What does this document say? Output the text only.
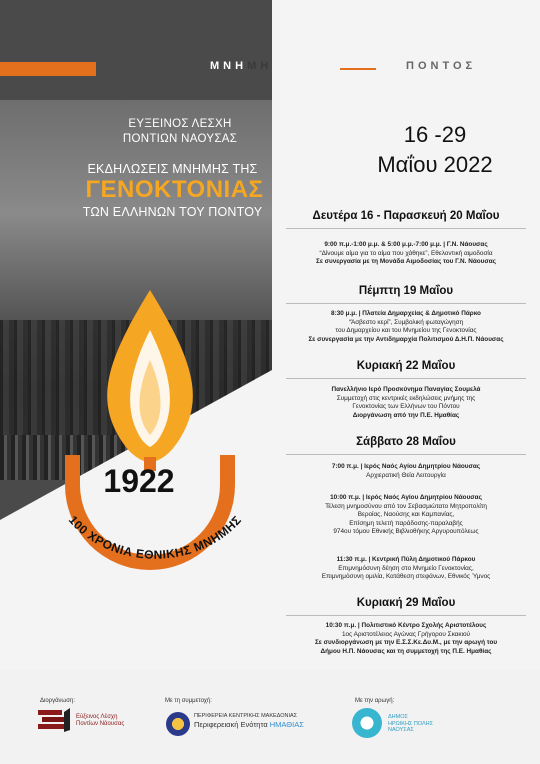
ΕΥΞΕΙΝΟΣ ΛΕΣΧΗ
ΠΟΝΤΙΩΝ ΝΑΟΥΣΑΣ
ΕΚΔΗΛΩΣΕΙΣ ΜΝΗΜΗΣ ΤΗΣ
ΓΕΝΟΚΤΟΝΙΑΣ
ΤΩΝ ΕΛΛΗΝΩΝ ΤΟΥ ΠΟΝΤΟΥ
1922
100 ΧΡΟΝΙΑ ΕΘΝΙΚΗΣ ΜΝΗΜΗΣ
ΜΝΗΜΗ	ΠΟΝΤΟΣ
16 -29
Μαΐου 2022
Δευτέρα 16 - Παρασκευή 20 Μαΐου
9:00 π.μ.-1:00 μ.μ. & 5:00 μ.μ.-7:00 μ.μ. | Γ.Ν. Νάουσας
“Δίνουμε αίμα για το αίμα που χάθηκε”, Εθελοντική αιμοδοσία
Σε συνεργασία με τη Μονάδα Αιμοδοσίας του Γ.Ν. Νάουσας
Πέμπτη 19 Μαΐου
8:30 μ.μ. | Πλατεία Δημαρχείας & Δημοτικό Πάρκο
“Άσβεστο κερί”, Συμβολική φωταγώγηση
του Δημαρχείου και του Μνημείου της Γενοκτονίας
Σε συνεργασία με την Αντιδημαρχία Πολιτισμού Δ.Η.Π. Νάουσας
Κυριακή 22 Μαΐου
Πανελλήνιο Ιερό Προσκύνημα Παναγίας Σουμελά
Συμμετοχή στις κεντρικές εκδηλώσεις μνήμης της
Γενοκτονίας των Ελλήνων του Πόντου
Διοργάνωση από την Π.Ε. Ημαθίας
Σάββατο 28 Μαΐου
7:00 π.μ. | Ιερός Ναός Αγίου Δημητρίου Νάουσας
Αρχιερατική Θεία Λειτουργία
10:00 π.μ. | Ιερός Ναός Αγίου Δημητρίου Νάουσας
Τέλεση μνημοσύνου από τον Σεβασμιώτατο Μητροπολίτη
Βεροίας, Ναούσης και Καμπανίας,
Επίσημη τελετή παράδοσης-παραλαβής
974ου τόμου Εθνικής Βιβλιοθήκης Αργυρουπόλεως
11:30 π.μ. | Κεντρική Πύλη Δημοτικού Πάρκου
Επιμνημόσυνη δέηση στο Μνημείο Γενοκτονίας,
Επιμνημόσυνη ομιλία, Κατάθεση στεφάνων, Εθνικός Ύμνος
Κυριακή 29 Μαΐου
10:30 π.μ. | Πολιτιστικό Κέντρο Σχολής Αριστοτέλους
1ος Αριστοτέλειος Αγώνας Γρήγορου Σκακιού
Σε συνδιοργάνωση με την Ε.Σ.Σ.Κε.Δυ.Μ., με την αρωγή του
Δήμου Η.Π. Νάουσας και τη συμμετοχή της Π.Ε. Ημαθίας
Διοργάνωση:
Εύξεινος Λέσχη
Ποντίων Νάουσας
Με τη συμμετοχή:
ΠΕΡΙΦΕΡΕΙΑ ΚΕΝΤΡΙΚΗΣ ΜΑΚΕΔΟΝΙΑΣ
Περιφερειακή Ενότητα ΗΜΑΘΙΑΣ
Με την αρωγή:
ΔΗΜΟΣ
ΗΡΩΙΚΗΣ ΠΟΛΗΣ
ΝΑΟΥΣΑΣ
